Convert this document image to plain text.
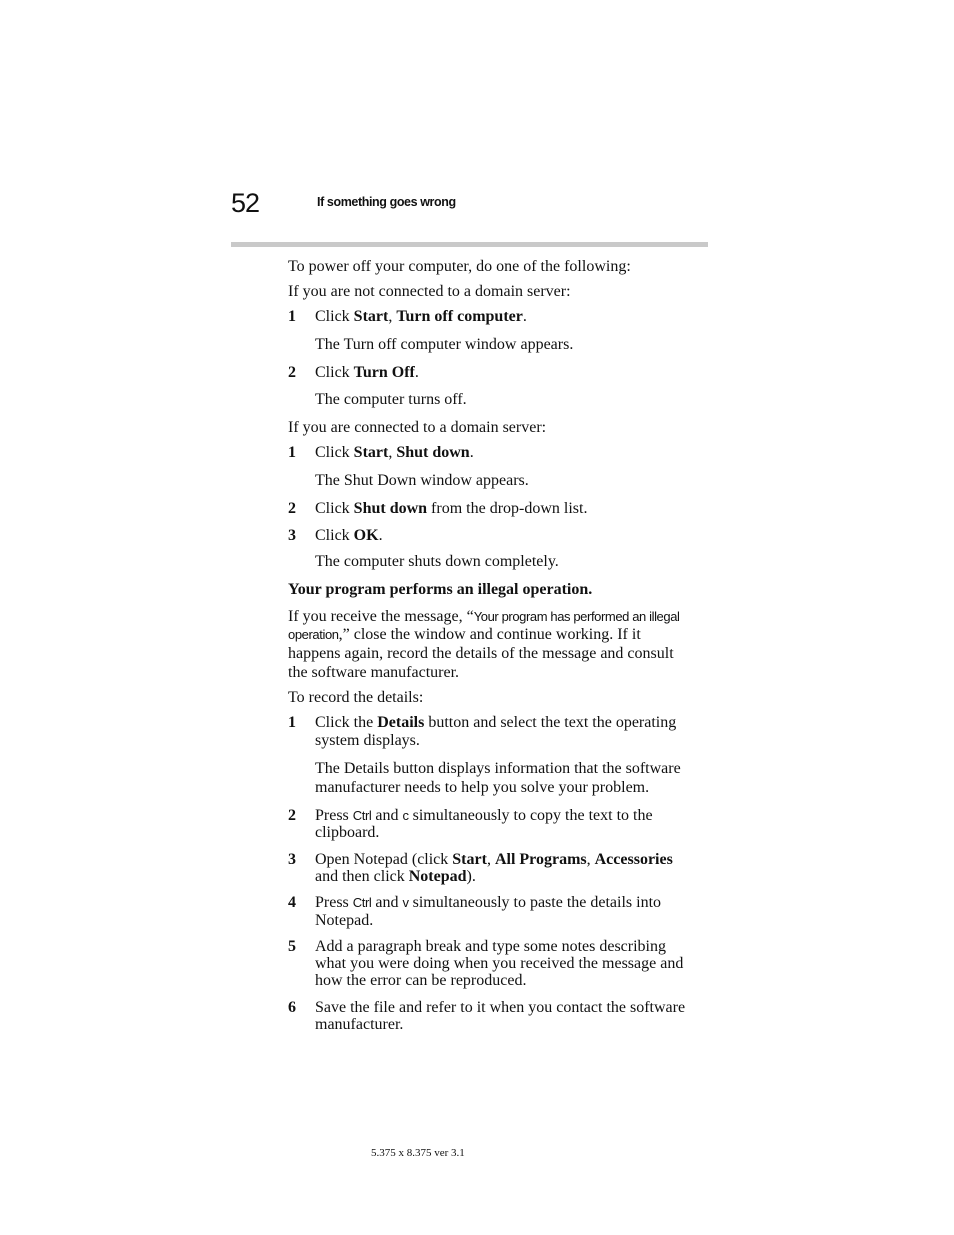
52	If something goes wrong
To power off your computer, do one of the following:
If you are not connected to a domain server:
1 Click Start, Turn off computer.
The Turn off computer window appears.
2 Click Turn Off.
The computer turns off.
If you are connected to a domain server:
1 Click Start, Shut down.
The Shut Down window appears.
2 Click Shut down from the drop-down list.
3 Click OK.
The computer shuts down completely.
Your program performs an illegal operation.
If you receive the message, “Your program has performed an illegal
operation,” close the window and continue working. If it
happens again, record the details of the message and consult
the software manufacturer.
To record the details:
1 Click the Details button and select the text the operating
system displays.
The Details button displays information that the software
manufacturer needs to help you solve your problem.
2 Press Ctrl and c simultaneously to copy the text to the
clipboard.
3 Open Notepad (click Start, All Programs, Accessories
and then click Notepad).
4 Press Ctrl and v simultaneously to paste the details into
Notepad.
5 Add a paragraph break and type some notes describing
what you were doing when you received the message and
how the error can be reproduced.
6 Save the file and refer to it when you contact the software
manufacturer.
5.375 x 8.375 ver 3.1
